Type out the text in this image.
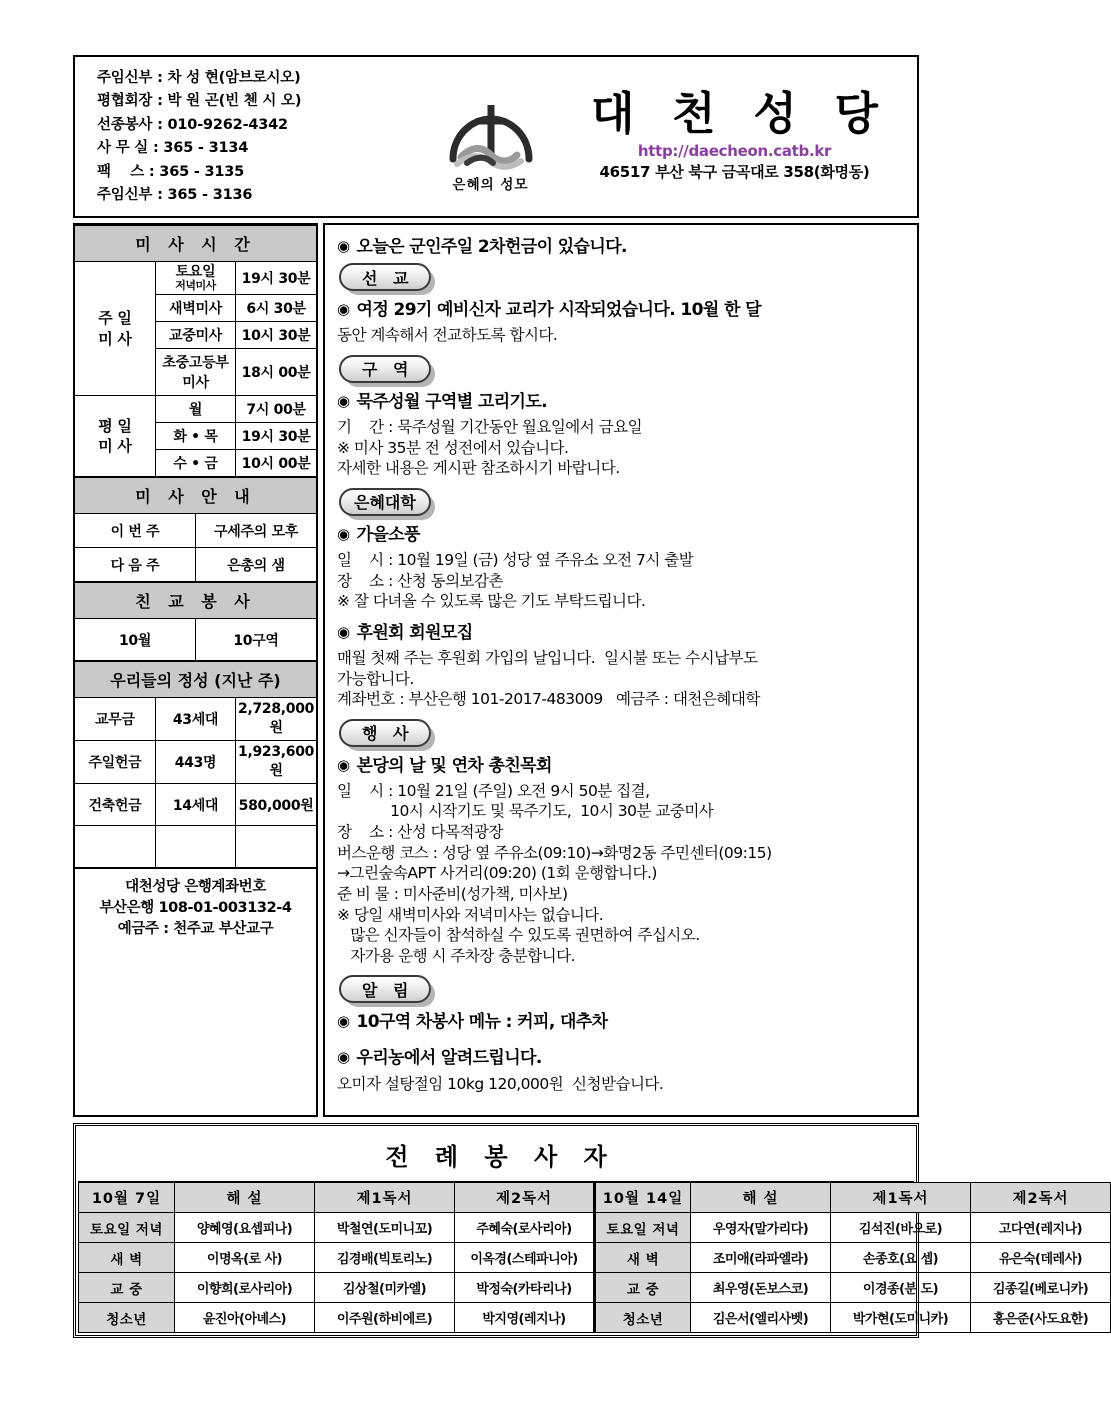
주임신부 : 차 성 현(암브로시오)
평협회장 : 박 원 곤(빈 첸 시 오)
선종봉사 : 010-9262-4342
사 무 실 : 365 - 3134
팩    스 : 365 - 3135
주임신부 : 365 - 3136
은혜의 성모
대 천 성 당
http://daecheon.catb.kr
46517 부산 북구 금곡대로 358(화명동)
미 사 시 간		
주 일
미 사	토요일
저녁미사	19시 30분
	새벽미사	6시 30분
	교중미사	10시 30분
	초중고등부미사	18시 00분
평 일
미 사	월	7시 00분
	화 • 목	19시 30분
	수 • 금	10시 00분
미 사 안 내	
이 번 주	구세주의 모후
다 음 주	은총의 샘
친 교 봉 사
10월	10구역
우리들의 정성 (지난 주)		
교무금	43세대	2,728,000원
주일헌금	443명	1,923,600원
건축헌금	14세대	580,000원

대천성당 은행계좌번호
부산은행 108-01-003132-4
예금주 : 천주교 부산교구
◉ 오늘은 군인주일 2차헌금이 있습니다.
선 교
◉ 여정 29기 예비신자 교리가 시작되었습니다. 10월 한 달
동안 계속해서 전교하도록 합시다.
구 역
◉ 묵주성월 구역별 고리기도.
기    간 : 묵주성월 기간동안 월요일에서 금요일
※ 미사 35분 전 성전에서 있습니다.
자세한 내용은 게시판 참조하시기 바랍니다.
은혜대학
◉ 가을소풍
일    시 : 10월 19일 (금) 성당 옆 주유소 오전 7시 출발
장    소 : 산청 동의보감촌
※ 잘 다녀올 수 있도록 많은 기도 부탁드립니다.
◉ 후원회 회원모집
매월 첫째 주는 후원회 가입의 날입니다.  일시불 또는 수시납부도
가능합니다.
계좌번호 : 부산은행 101-2017-483009   예금주 : 대천은혜대학
행 사
◉ 본당의 날 및 연차 총친목회
일    시 : 10월 21일 (주일) 오전 9시 50분 집결,
10시 시작기도 및 묵주기도,  10시 30분 교중미사
장    소 : 산성 다목적광장
버스운행 코스 : 성당 옆 주유소(09:10)→화명2동 주민센터(09:15)
→그린숲속APT 사거리(09:20) (1회 운행합니다.)
준 비 물 : 미사준비(성가책, 미사보)
※ 당일 새벽미사와 저녁미사는 없습니다.
많은 신자들이 참석하실 수 있도록 권면하여 주십시오.
자가용 운행 시 주차장 충분합니다.
알 림
◉ 10구역 차봉사 메뉴 : 커피, 대추차
◉ 우리농에서 알려드립니다.
오미자 설탕절임 10kg 120,000원  신청받습니다.
전 례 봉 사 자
10월 7일	해 설	제1독서	제2독서	10월 14일	해 설	제1독서	제2독서
토요일 저녁	양혜영(요셉피나)	박철연(도미니꼬)	주혜숙(로사리아)	토요일 저녁	우영자(말가리다)	김석진(바오로)	고다연(레지나)
새 벽	이명옥(로 사)	김경배(빅토리노)	이옥경(스테파니아)	새 벽	조미애(라파엘라)	손종호(요 셉)	유은숙(데레사)
교 중	이향희(로사리아)	김상철(미카엘)	박정숙(카타리나)	교 중	최우영(돈보스코)	이경종(분 도)	김종길(베로니카)
청소년	윤진아(아녜스)	이주원(하비에르)	박지영(레지나)	청소년	김은서(엘리사벳)	박가현(도미니카)	홍은준(사도요한)
